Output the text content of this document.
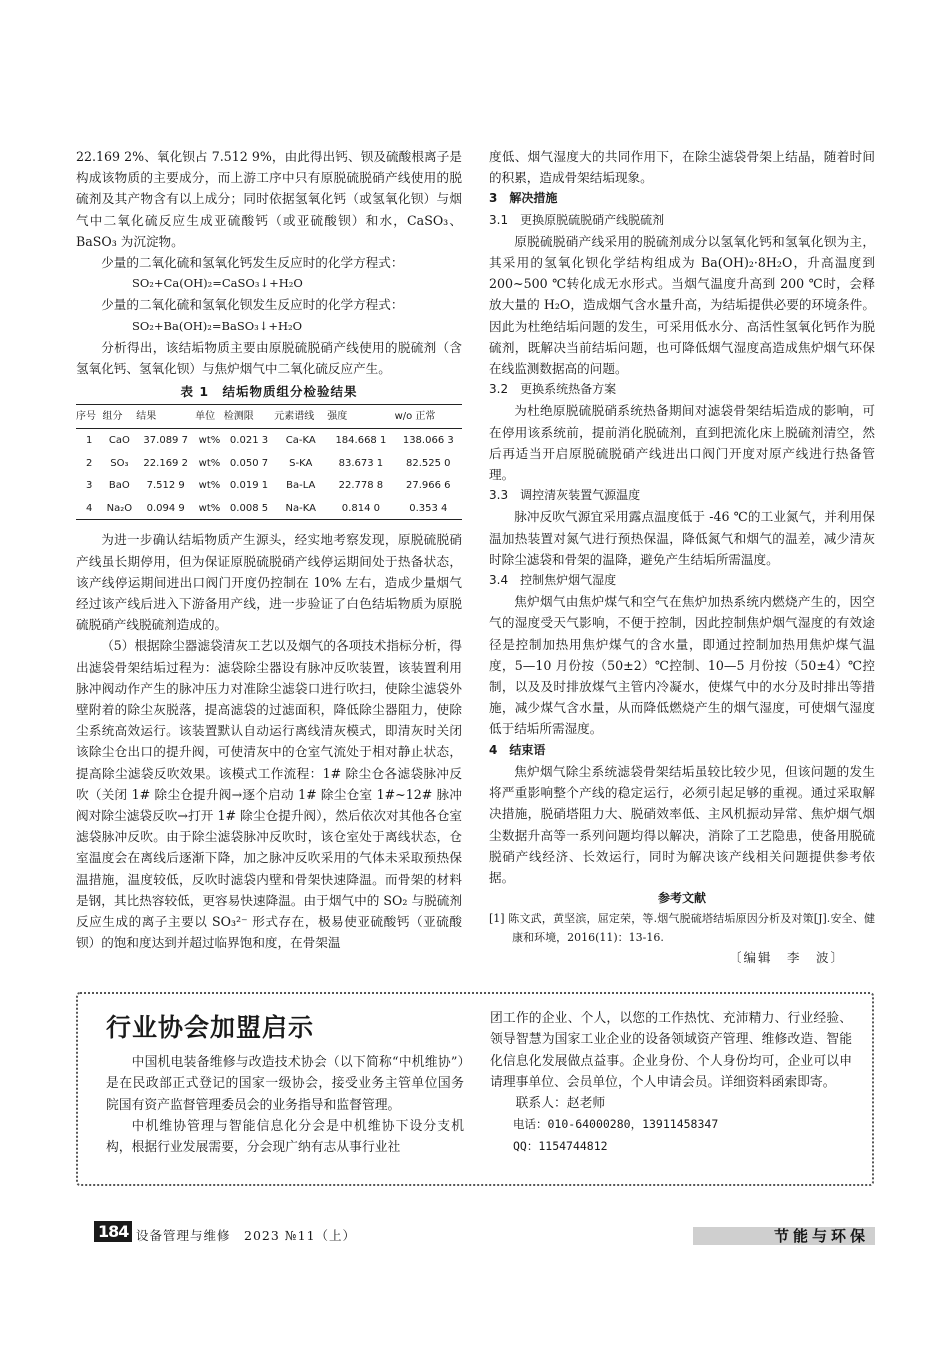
22.169 2%、氧化钡占 7.512 9%，由此得出钙、钡及硫酸根离子是构成该物质的主要成分，而上游工序中只有原脱硫脱硝产线使用的脱硫剂及其产物含有以上成分；同时依据氢氧化钙（或氢氧化钡）与烟气中二氧化硫反应生成亚硫酸钙（或亚硫酸钡）和水，CaSO₃、BaSO₃ 为沉淀物。

少量的二氧化硫和氢氧化钙发生反应时的化学方程式：

SO₂+Ca(OH)₂=CaSO₃↓+H₂O

少量的二氧化硫和氢氧化钡发生反应时的化学方程式：

SO₂+Ba(OH)₂=BaSO₃↓+H₂O

分析得出，该结垢物质主要由原脱硫脱硝产线使用的脱硫剂（含氢氧化钙、氢氧化钡）与焦炉烟气中二氧化硫反应产生。

表 1　结垢物质组分检验结果
序号	组分	结果	单位	检测限	元素谱线	强度	w/o 正常
1	CaO	37.089 7	wt%	0.021 3	Ca-KA	184.668 1	138.066 3
2	SO₃	22.169 2	wt%	0.050 7	S-KA	83.673 1	82.525 0
3	BaO	7.512 9	wt%	0.019 1	Ba-LA	22.778 8	27.966 6
4	Na₂O	0.094 9	wt%	0.008 5	Na-KA	0.814 0	0.353 4

为进一步确认结垢物质产生源头，经实地考察发现，原脱硫脱硝产线虽长期停用，但为保证原脱硫脱硝产线停运期间处于热备状态，该产线停运期间进出口阀门开度仍控制在 10% 左右，造成少量烟气经过该产线后进入下游备用产线，进一步验证了白色结垢物质为原脱硫脱硝产线脱硫剂造成的。

（5）根据除尘器滤袋清灰工艺以及烟气的各项技术指标分析，得出滤袋骨架结垢过程为：滤袋除尘器设有脉冲反吹装置，该装置利用脉冲阀动作产生的脉冲压力对准除尘滤袋口进行吹扫，使除尘滤袋外壁附着的除尘灰脱落，提高滤袋的过滤面积，降低除尘器阻力，使除尘系统高效运行。该装置默认自动运行离线清灰模式，即清灰时关闭该除尘仓出口的提升阀，可使清灰中的仓室气流处于相对静止状态，提高除尘滤袋反吹效果。该模式工作流程：1# 除尘仓各滤袋脉冲反吹（关闭 1# 除尘仓提升阀→逐个启动 1# 除尘仓室 1#~12# 脉冲阀对除尘滤袋反吹→打开 1# 除尘仓提升阀），然后依次对其他各仓室滤袋脉冲反吹。由于除尘滤袋脉冲反吹时，该仓室处于离线状态，仓室温度会在离线后逐渐下降，加之脉冲反吹采用的气体未采取预热保温措施，温度较低，反吹时滤袋内壁和骨架快速降温。而骨架的材料是钢，其比热容较低，更容易快速降温。由于烟气中的 SO₂ 与脱硫剂反应生成的离子主要以 SO₃²⁻ 形式存在，极易使亚硫酸钙（亚硫酸钡）的饱和度达到并超过临界饱和度，在骨架温

度低、烟气湿度大的共同作用下，在除尘滤袋骨架上结晶，随着时间的积累，造成骨架结垢现象。

3　解决措施

3.1　更换原脱硫脱硝产线脱硫剂

原脱硫脱硝产线采用的脱硫剂成分以氢氧化钙和氢氧化钡为主，其采用的氢氧化钡化学结构组成为 Ba(OH)₂·8H₂O，升高温度到 200~500 ℃转化成无水形式。当烟气温度升高到 200 ℃时，会释放大量的 H₂O，造成烟气含水量升高，为结垢提供必要的环境条件。因此为杜绝结垢问题的发生，可采用低水分、高活性氢氧化钙作为脱硫剂，既解决当前结垢问题，也可降低烟气湿度高造成焦炉烟气环保在线监测数据高的问题。

3.2　更换系统热备方案

为杜绝原脱硫脱硝系统热备期间对滤袋骨架结垢造成的影响，可在停用该系统前，提前消化脱硫剂，直到把流化床上脱硫剂清空，然后再适当开启原脱硫脱硝产线进出口阀门开度对原产线进行热备管理。

3.3　调控清灰装置气源温度

脉冲反吹气源宜采用露点温度低于 -46 ℃的工业氮气，并利用保温加热装置对氮气进行预热保温，降低氮气和烟气的温差，减少清灰时除尘滤袋和骨架的温降，避免产生结垢所需温度。

3.4　控制焦炉烟气湿度

焦炉烟气由焦炉煤气和空气在焦炉加热系统内燃烧产生的，因空气的湿度受天气影响，不便于控制，因此控制焦炉烟气湿度的有效途径是控制加热用焦炉煤气的含水量，即通过控制加热用焦炉煤气温度，5—10 月份按（50±2）℃控制、10—5 月份按（50±4）℃控制，以及及时排放煤气主管内冷凝水，使煤气中的水分及时排出等措施，减少煤气含水量，从而降低燃烧产生的烟气湿度，可使烟气湿度低于结垢所需湿度。

4　结束语

焦炉烟气除尘系统滤袋骨架结垢虽较比较少见，但该问题的发生将严重影响整个产线的稳定运行，必须引起足够的重视。通过采取解决措施，脱硝塔阻力大、脱硝效率低、主风机振动异常、焦炉烟气烟尘数据升高等一系列问题均得以解决，消除了工艺隐患，使备用脱硫脱硝产线经济、长效运行，同时为解决该产线相关问题提供参考依据。

参考文献

[1] 陈文武，黄坚滨，屈定荣，等.烟气脱硫塔结垢原因分析及对策[J].安全、健康和环境，2016(11)：13-16.

〔编辑　李　波〕

行业协会加盟启示

中国机电装备维修与改造技术协会（以下简称“中机维协”）是在民政部正式登记的国家一级协会，接受业务主管单位国务院国有资产监督管理委员会的业务指导和监督管理。

中机维协管理与智能信息化分会是中机维协下设分支机构，根据行业发展需要，分会现广纳有志从事行业社

团工作的企业、个人，以您的工作热忱、充沛精力、行业经验、领导智慧为国家工业企业的设备领域资产管理、维修改造、智能化信息化发展做点益事。企业身份、个人身份均可，企业可以申请理事单位、会员单位，个人申请会员。详细资料函索即寄。

联系人：赵老师

电话：010-64000280，13911458347

QQ：1154744812

184 设备管理与维修　2023 №11（上）	节能与环保
